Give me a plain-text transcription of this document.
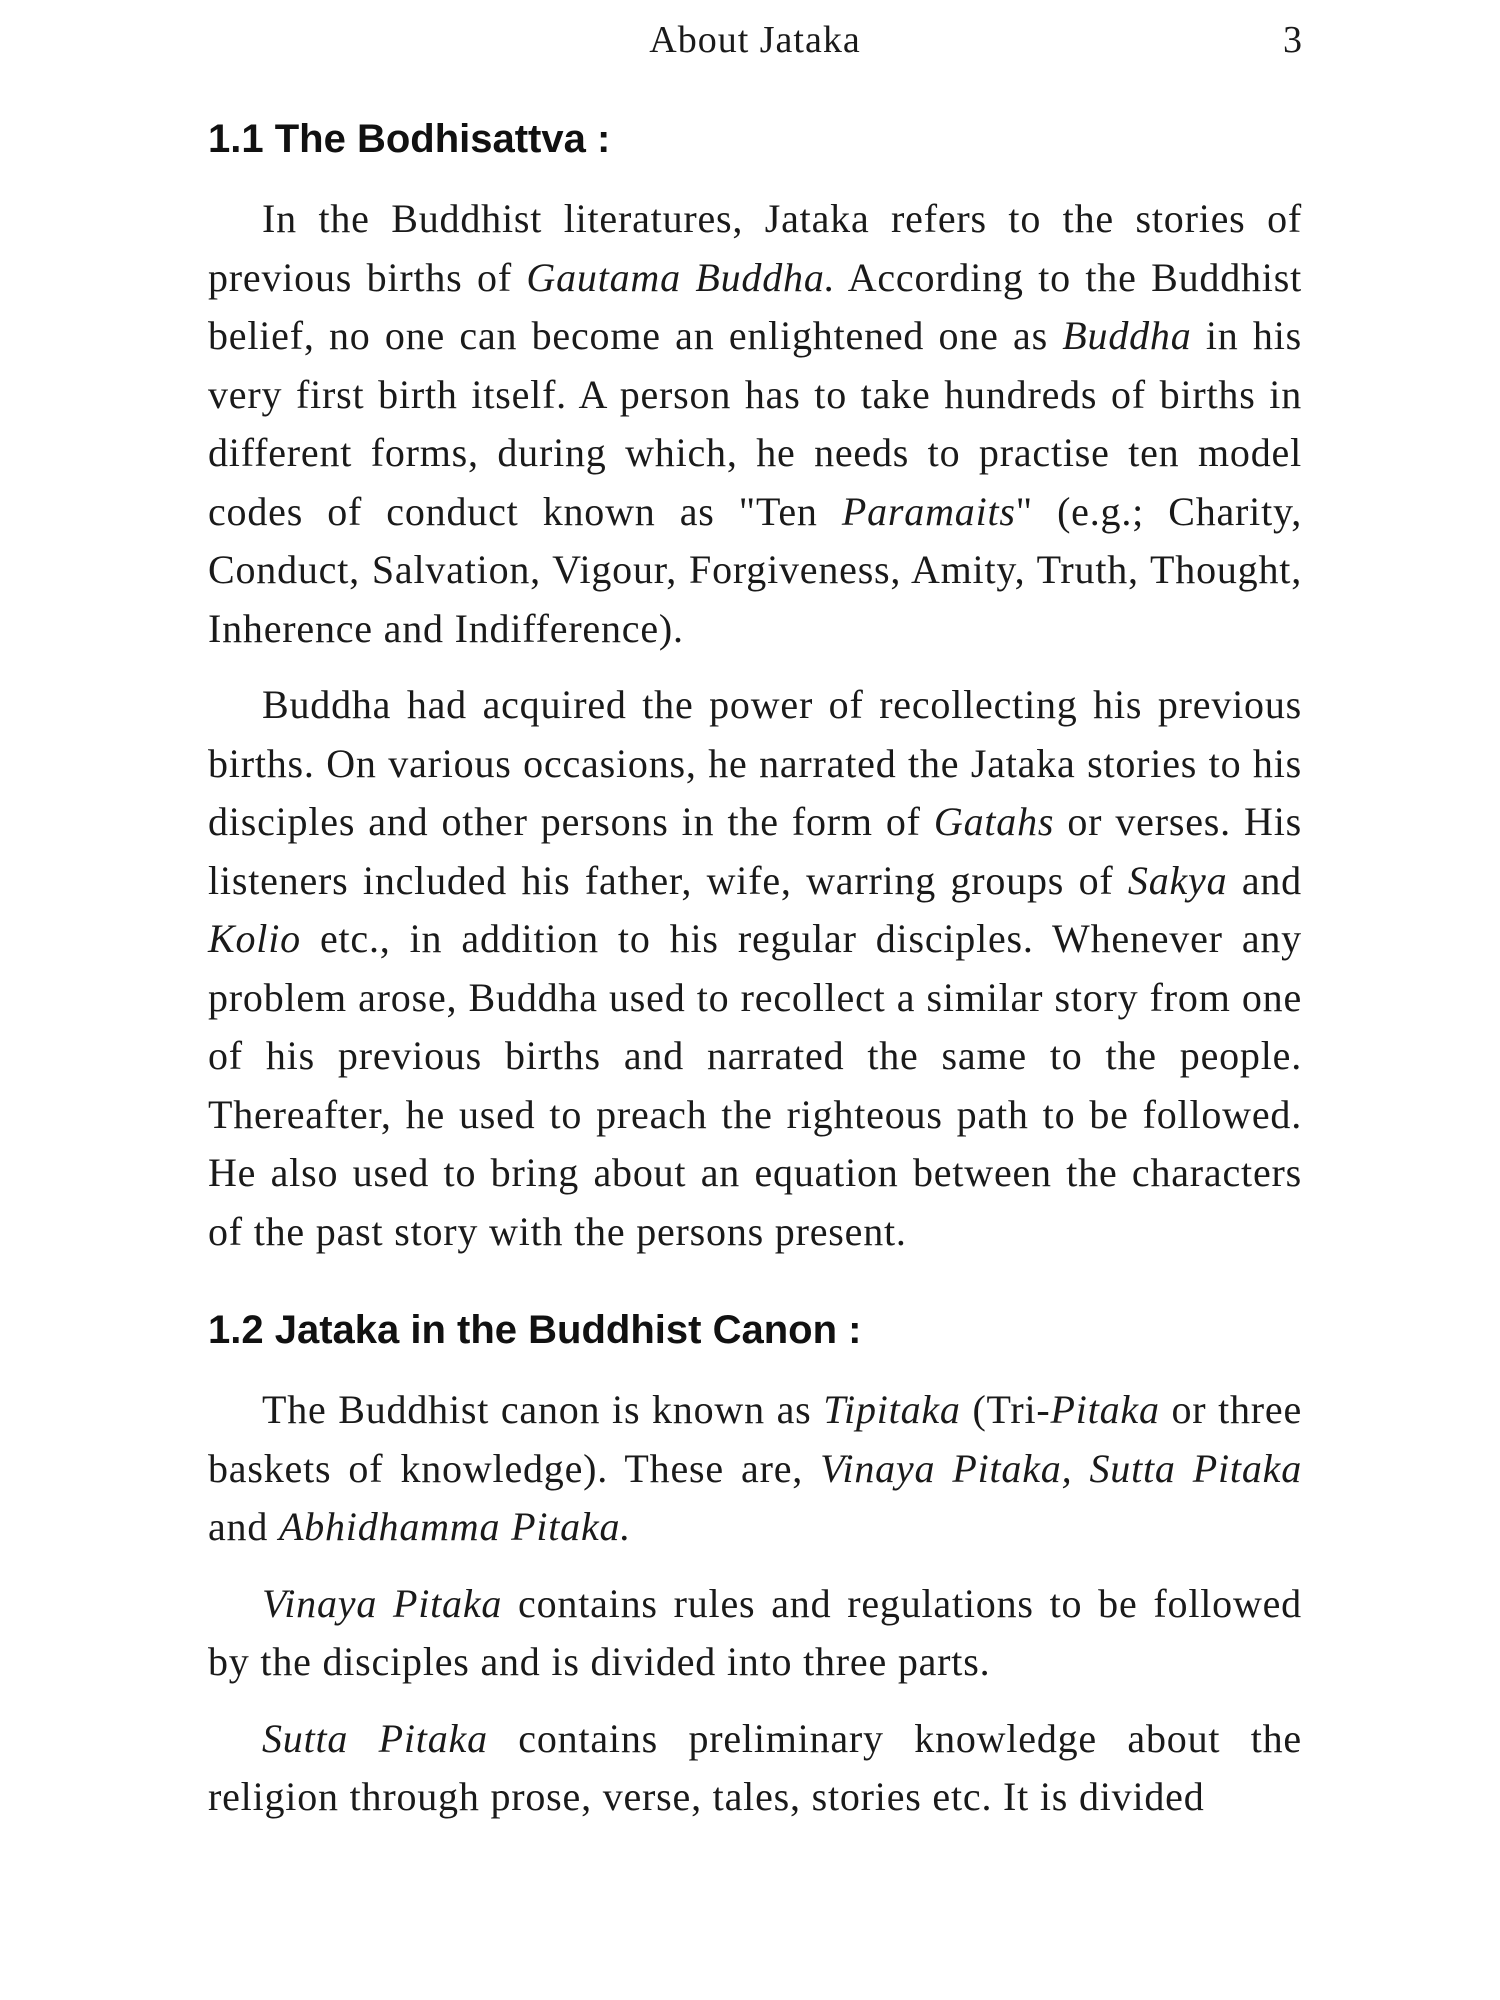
About Jataka	3
1.1 The Bodhisattva :

In the Buddhist literatures, Jataka refers to the stories of previous births of Gautama Buddha. According to the Buddhist belief, no one can become an enlightened one as Buddha in his very first birth itself. A person has to take hundreds of births in different forms, during which, he needs to practise ten model codes of conduct known as "Ten Paramaits" (e.g.; Charity, Conduct, Salvation, Vigour, Forgiveness, Amity, Truth, Thought, Inherence and Indifference).

Buddha had acquired the power of recollecting his previous births. On various occasions, he narrated the Jataka stories to his disciples and other persons in the form of Gatahs or verses. His listeners included his father, wife, warring groups of Sakya and Kolio etc., in addition to his regular disciples. Whenever any problem arose, Buddha used to recollect a similar story from one of his previous births and narrated the same to the people. Thereafter, he used to preach the righteous path to be followed. He also used to bring about an equation between the characters of the past story with the persons present.

1.2 Jataka in the Buddhist Canon :

The Buddhist canon is known as Tipitaka (Tri-Pitaka or three baskets of knowledge). These are, Vinaya Pitaka, Sutta Pitaka and Abhidhamma Pitaka.

Vinaya Pitaka contains rules and regulations to be followed by the disciples and is divided into three parts.

Sutta Pitaka contains preliminary knowledge about the religion through prose, verse, tales, stories etc. It is divided
